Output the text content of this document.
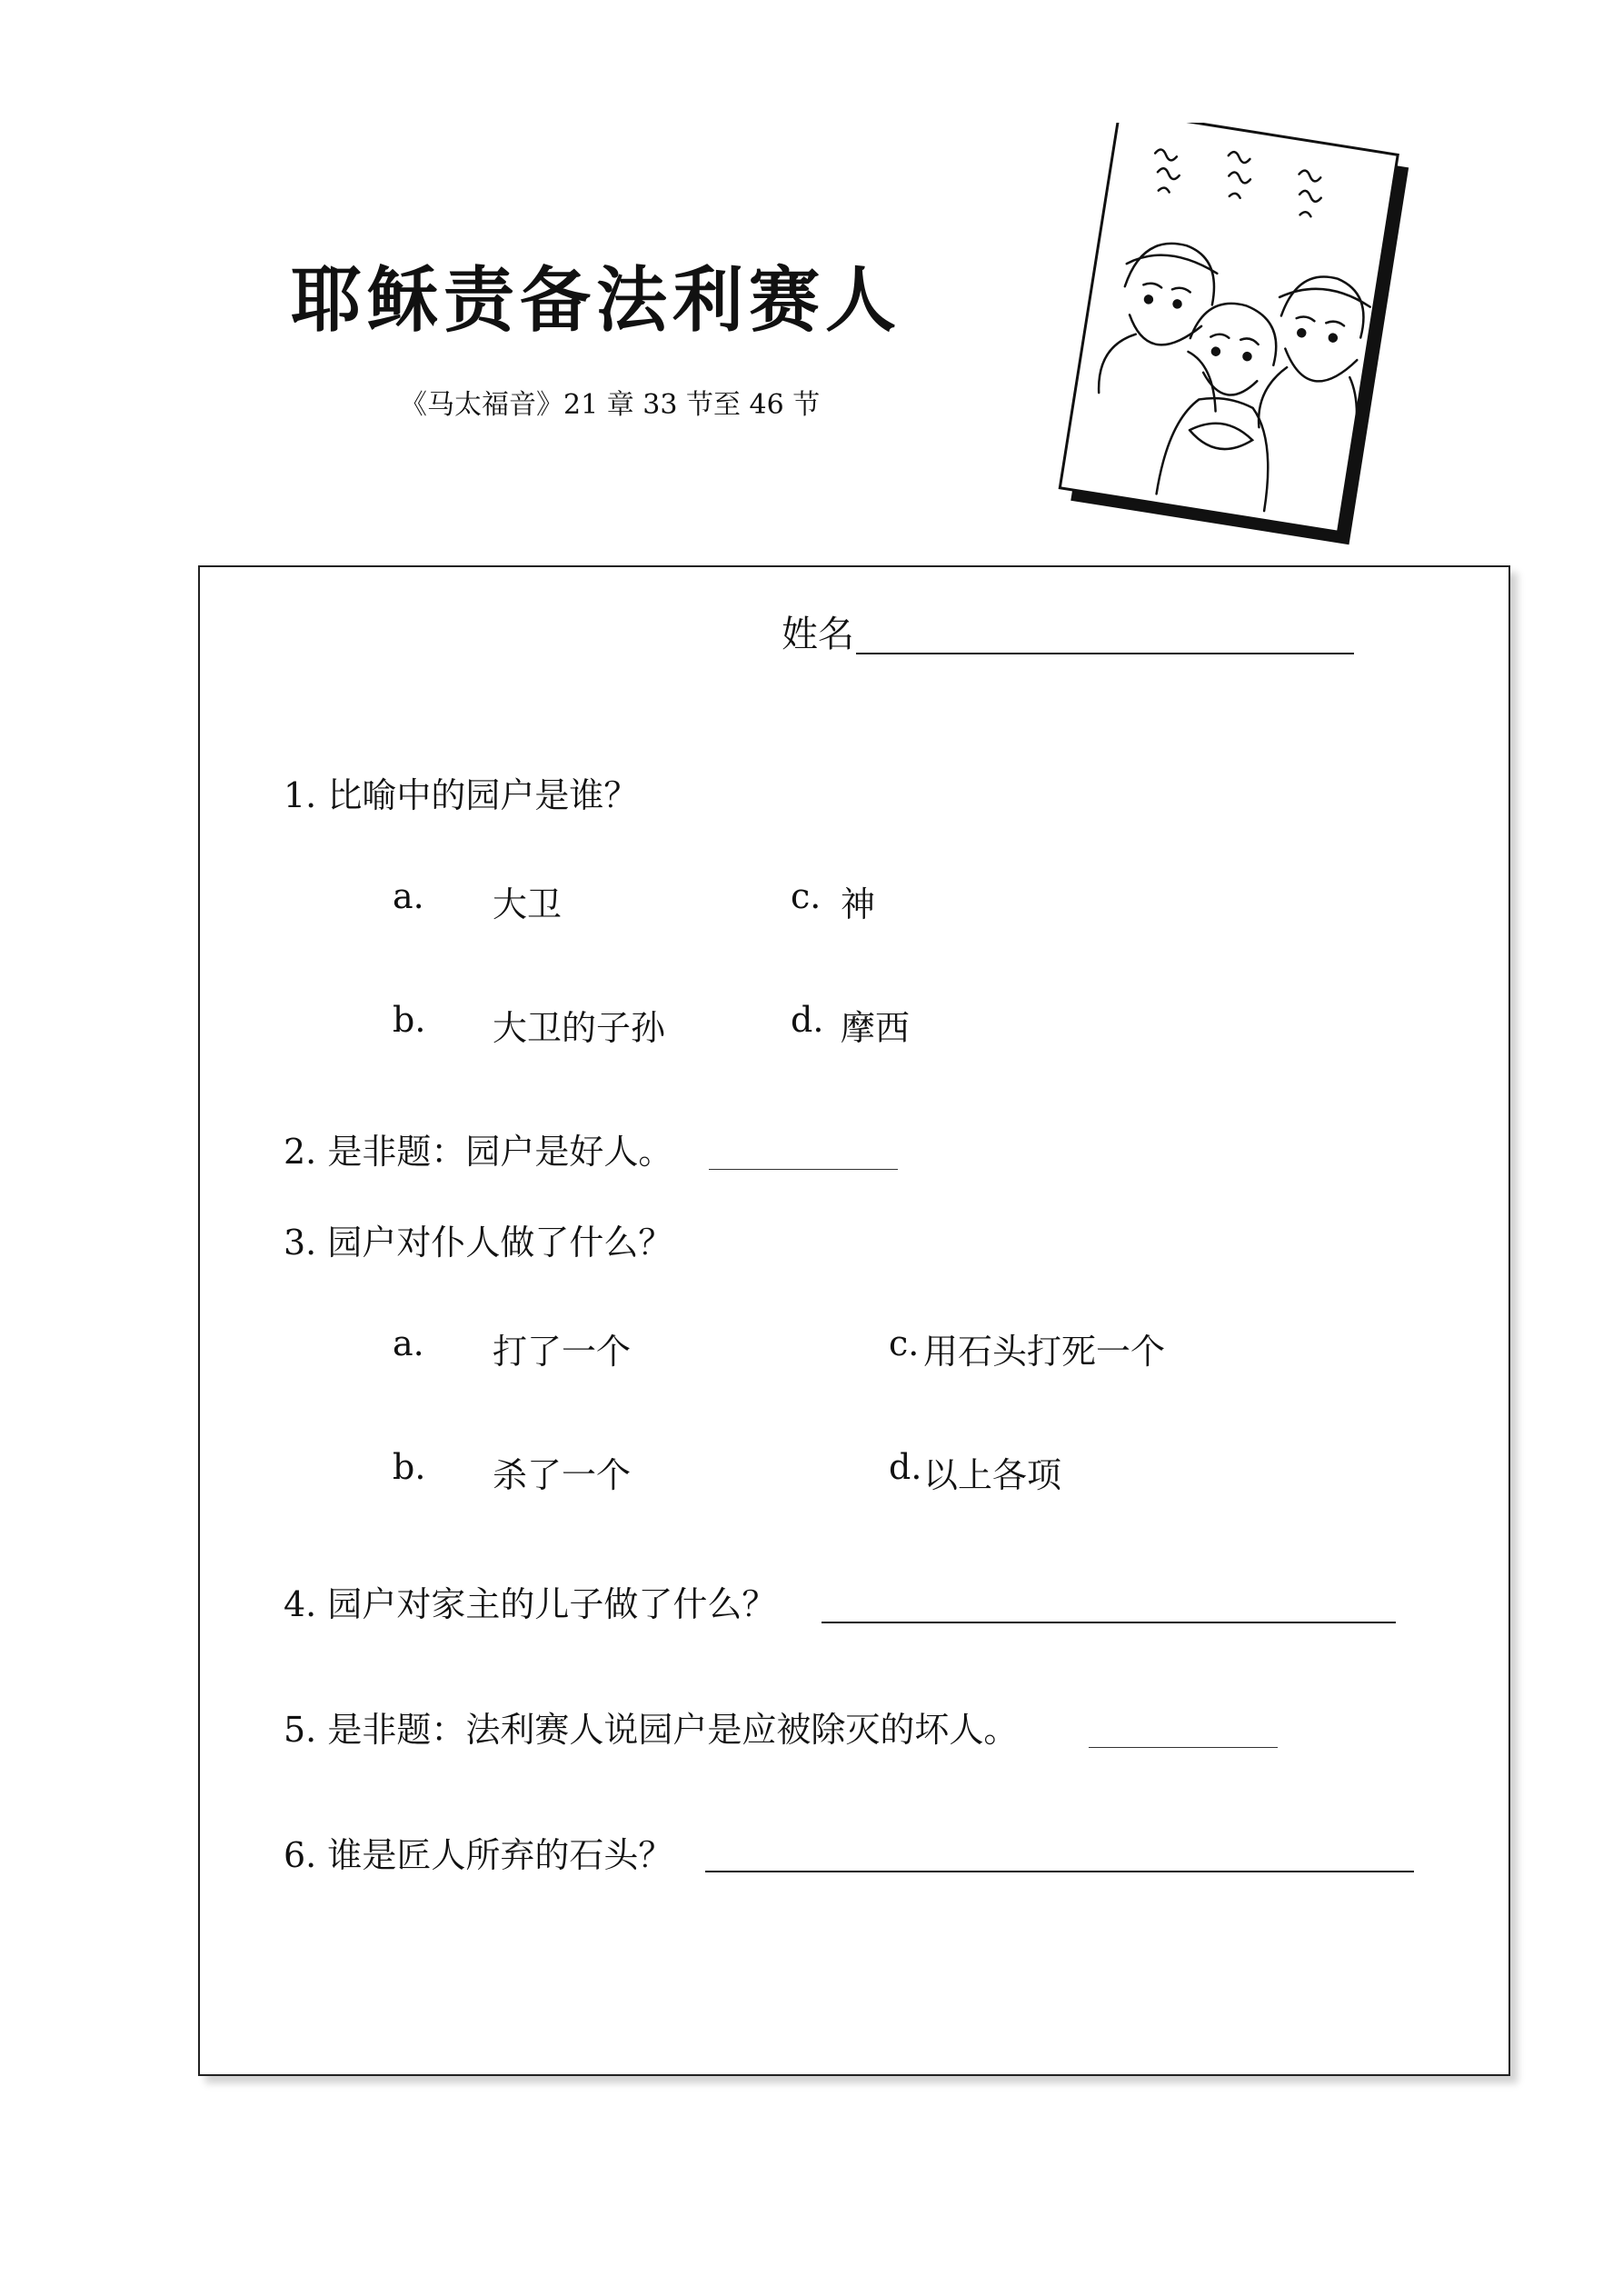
耶稣责备法利赛人
《马太福音》21 章 33 节至 46 节
姓名
1. 比喻中的园户是谁？
a. 大卫	c. 神
b. 大卫的子孙	d. 摩西
2. 是非题：园户是好人。
3. 园户对仆人做了什么？
a. 打了一个	c. 用石头打死一个
b. 杀了一个	d. 以上各项
4. 园户对家主的儿子做了什么？
5. 是非题：法利赛人说园户是应被除灭的坏人。
6. 谁是匠人所弃的石头？
